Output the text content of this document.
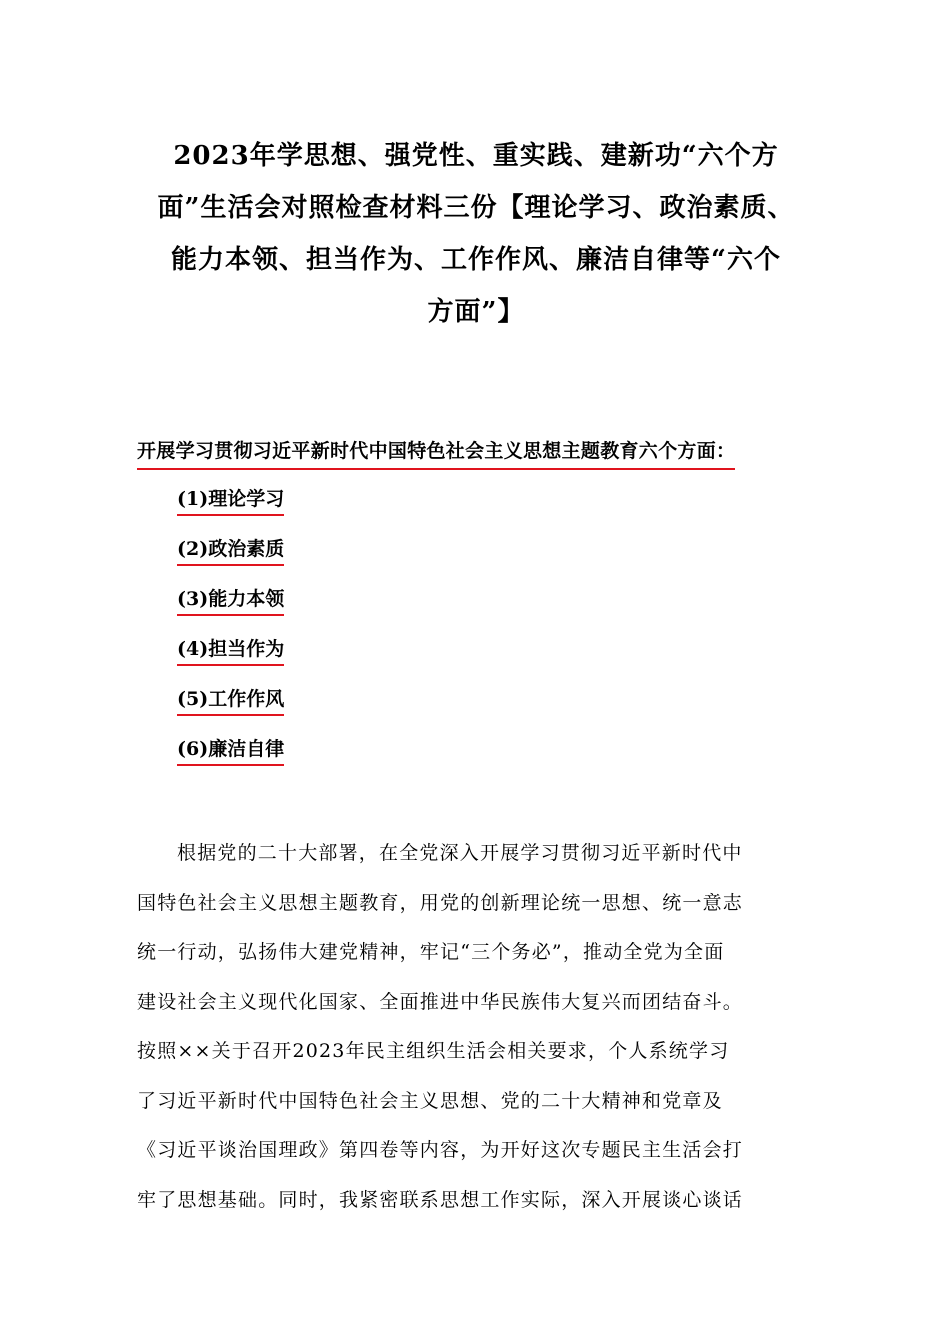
2023年学思想、强党性、重实践、建新功“六个方
面”生活会对照检查材料三份【理论学习、政治素质、
能力本领、担当作为、工作作风、廉洁自律等“六个
方面”】
开展学习贯彻习近平新时代中国特色社会主义思想主题教育六个方面：
(1)理论学习
(2)政治素质
(3)能力本领
(4)担当作为
(5)工作作风
(6)廉洁自律
根据党的二十大部署，在全党深入开展学习贯彻习近平新时代中
国特色社会主义思想主题教育，用党的创新理论统一思想、统一意志
统一行动，弘扬伟大建党精神，牢记“三个务必”，推动全党为全面
建设社会主义现代化国家、全面推进中华民族伟大复兴而团结奋斗。
按照××关于召开2023年民主组织生活会相关要求，个人系统学习
了习近平新时代中国特色社会主义思想、党的二十大精神和党章及
《习近平谈治国理政》第四卷等内容，为开好这次专题民主生活会打
牢了思想基础。同时，我紧密联系思想工作实际，深入开展谈心谈话
